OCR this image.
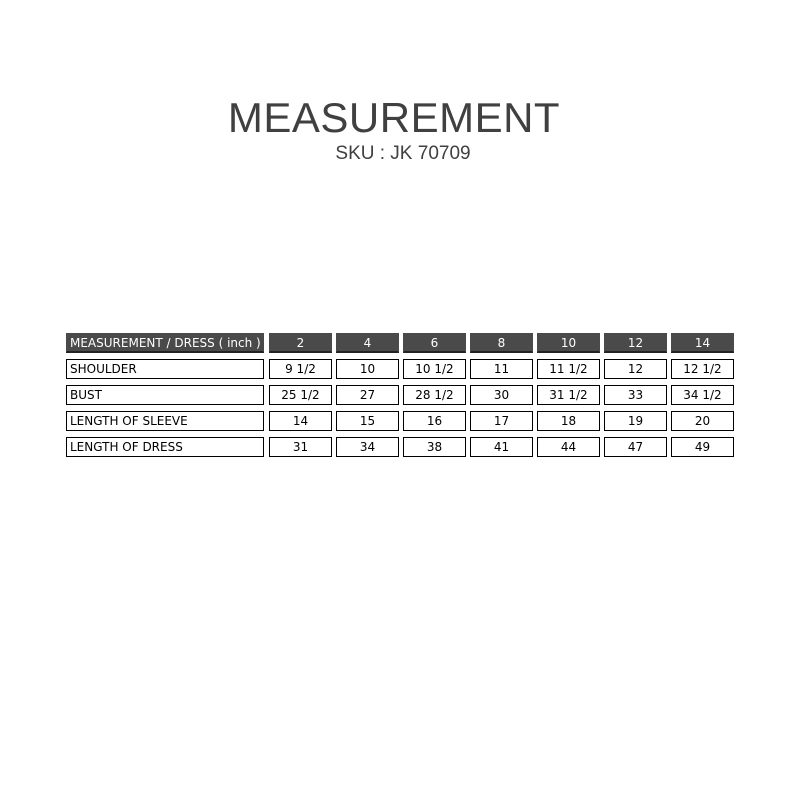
MEASUREMENT
SKU : JK 70709
MEASUREMENT / DRESS ( inch )	2	4	6	8	10	12	14
SHOULDER	9 1/2	10	10 1/2	11	11 1/2	12	12 1/2
BUST	25 1/2	27	28 1/2	30	31 1/2	33	34 1/2
LENGTH OF SLEEVE	14	15	16	17	18	19	20
LENGTH OF DRESS	31	34	38	41	44	47	49
